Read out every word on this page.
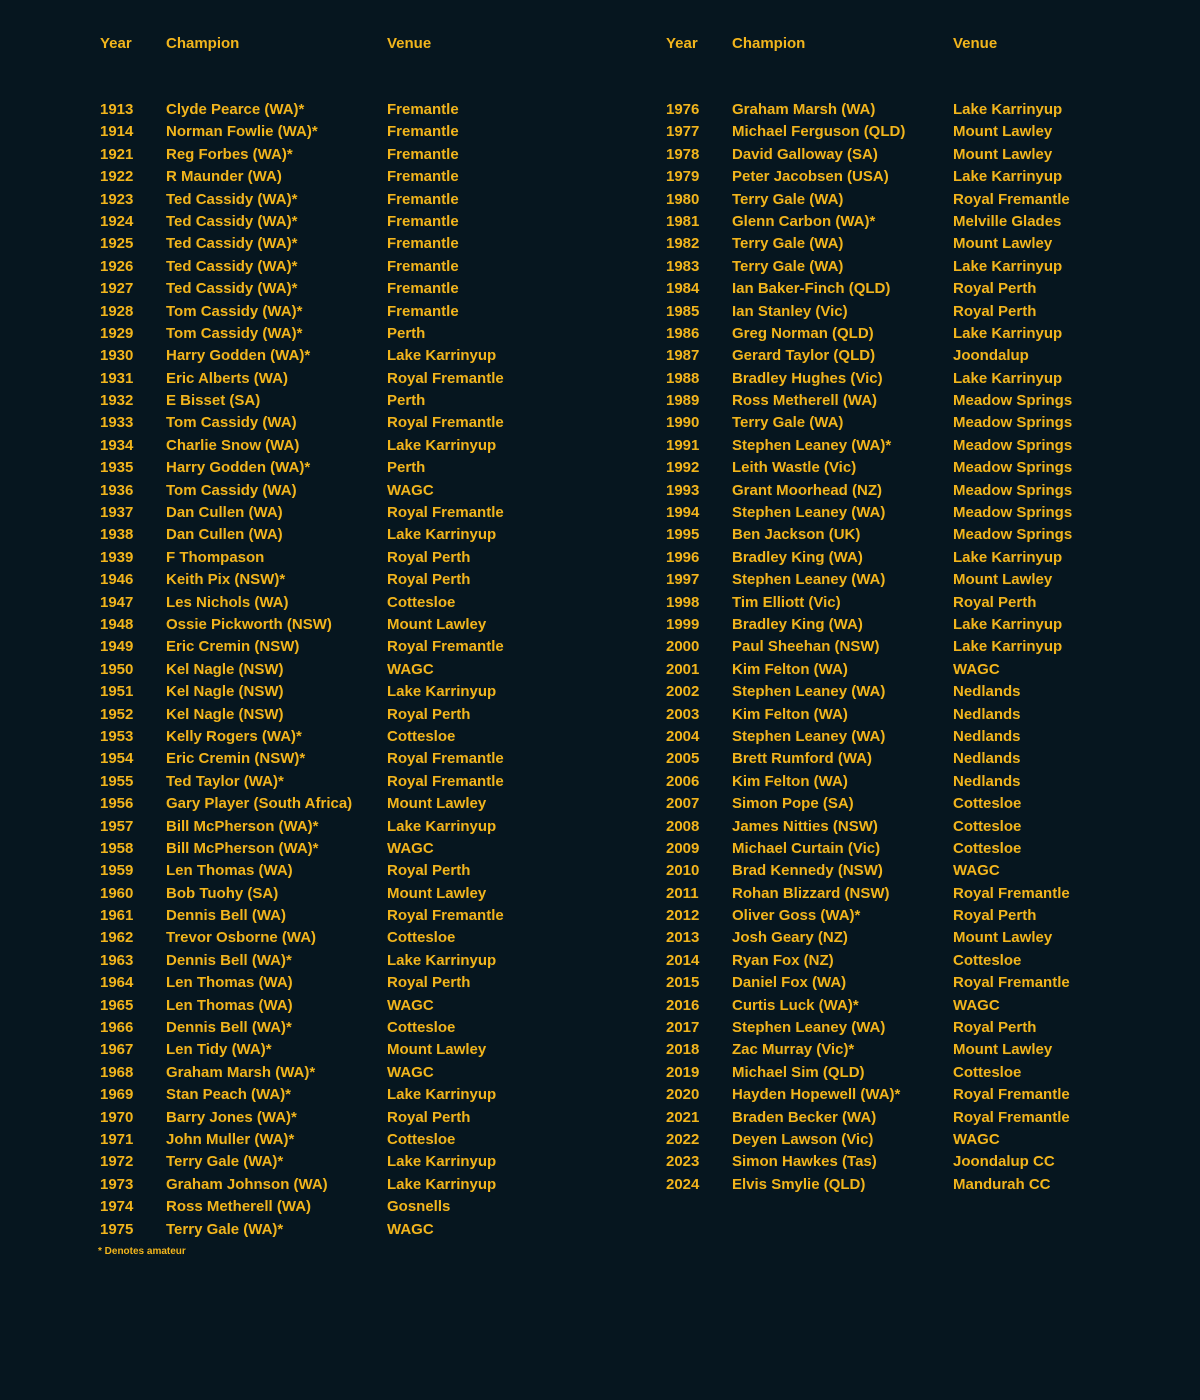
Year Champion	Venue
1913 Clyde Pearce (WA)*	Fremantle
1914 Norman Fowlie (WA)*	Fremantle
1921 Reg Forbes (WA)*	Fremantle
1922 R Maunder (WA)	Fremantle
1923 Ted Cassidy (WA)*	Fremantle
1924 Ted Cassidy (WA)*	Fremantle
1925 Ted Cassidy (WA)*	Fremantle
1926 Ted Cassidy (WA)*	Fremantle
1927 Ted Cassidy (WA)*	Fremantle
1928 Tom Cassidy (WA)*	Fremantle
1929 Tom Cassidy (WA)*	Perth
1930 Harry Godden (WA)*	Lake Karrinyup
1931 Eric Alberts (WA)	Royal Fremantle
1932 E Bisset (SA)	Perth
1933 Tom Cassidy (WA)	Royal Fremantle
1934 Charlie Snow (WA)	Lake Karrinyup
1935 Harry Godden (WA)*	Perth
1936 Tom Cassidy (WA)	WAGC
1937 Dan Cullen (WA)	Royal Fremantle
1938 Dan Cullen (WA)	Lake Karrinyup
1939 F Thompason	Royal Perth
1946 Keith Pix (NSW)*	Royal Perth
1947 Les Nichols (WA)	Cottesloe
1948 Ossie Pickworth (NSW)	Mount Lawley
1949 Eric Cremin (NSW)	Royal Fremantle
1950 Kel Nagle (NSW)	WAGC
1951 Kel Nagle (NSW)	Lake Karrinyup
1952 Kel Nagle (NSW)	Royal Perth
1953 Kelly Rogers (WA)*	Cottesloe
1954 Eric Cremin (NSW)*	Royal Fremantle
1955 Ted Taylor (WA)*	Royal Fremantle
1956 Gary Player (South Africa) Mount Lawley
1957 Bill McPherson (WA)*	Lake Karrinyup
1958 Bill McPherson (WA)*	WAGC
1959 Len Thomas (WA)	Royal Perth
1960 Bob Tuohy (SA)	Mount Lawley
1961 Dennis Bell (WA)	Royal Fremantle
1962 Trevor Osborne (WA)	Cottesloe
1963 Dennis Bell (WA)*	Lake Karrinyup
1964 Len Thomas (WA)	Royal Perth
1965 Len Thomas (WA)	WAGC
1966 Dennis Bell (WA)*	Cottesloe
1967 Len Tidy (WA)*	Mount Lawley
1968 Graham Marsh (WA)*	WAGC
1969 Stan Peach (WA)*	Lake Karrinyup
1970 Barry Jones (WA)*	Royal Perth
1971 John Muller (WA)*	Cottesloe
1972 Terry Gale (WA)*	Lake Karrinyup
1973 Graham Johnson (WA)	Lake Karrinyup
1974 Ross Metherell (WA)	Gosnells
1975 Terry Gale (WA)*	WAGC
Year Champion	Venue
1976 Graham Marsh (WA)	Lake Karrinyup
1977 Michael Ferguson (QLD)	Mount Lawley
1978 David Galloway (SA)	Mount Lawley
1979 Peter Jacobsen (USA)	Lake Karrinyup
1980 Terry Gale (WA)	Royal Fremantle
1981 Glenn Carbon (WA)*	Melville Glades
1982 Terry Gale (WA)	Mount Lawley
1983 Terry Gale (WA)	Lake Karrinyup
1984 Ian Baker-Finch (QLD)	Royal Perth
1985 Ian Stanley (Vic)	Royal Perth
1986 Greg Norman (QLD)	Lake Karrinyup
1987 Gerard Taylor (QLD)	Joondalup
1988 Bradley Hughes (Vic)	Lake Karrinyup
1989 Ross Metherell (WA)	Meadow Springs
1990 Terry Gale (WA)	Meadow Springs
1991 Stephen Leaney (WA)*	Meadow Springs
1992 Leith Wastle (Vic)	Meadow Springs
1993 Grant Moorhead (NZ)	Meadow Springs
1994 Stephen Leaney (WA)	Meadow Springs
1995 Ben Jackson (UK)	Meadow Springs
1996 Bradley King (WA)	Lake Karrinyup
1997 Stephen Leaney (WA)	Mount Lawley
1998 Tim Elliott (Vic)	Royal Perth
1999 Bradley King (WA)	Lake Karrinyup
2000 Paul Sheehan (NSW)	Lake Karrinyup
2001 Kim Felton (WA)	WAGC
2002 Stephen Leaney (WA)	Nedlands
2003 Kim Felton (WA)	Nedlands
2004 Stephen Leaney (WA)	Nedlands
2005 Brett Rumford (WA)	Nedlands
2006 Kim Felton (WA)	Nedlands
2007 Simon Pope (SA)	Cottesloe
2008 James Nitties (NSW)	Cottesloe
2009 Michael Curtain (Vic)	Cottesloe
2010 Brad Kennedy (NSW)	WAGC
2011 Rohan Blizzard (NSW)	Royal Fremantle
2012 Oliver Goss (WA)*	Royal Perth
2013 Josh Geary (NZ)	Mount Lawley
2014 Ryan Fox (NZ)	Cottesloe
2015 Daniel Fox (WA)	Royal Fremantle
2016 Curtis Luck (WA)*	WAGC
2017 Stephen Leaney (WA)	Royal Perth
2018 Zac Murray (Vic)*	Mount Lawley
2019 Michael Sim (QLD)	Cottesloe
2020 Hayden Hopewell (WA)*	Royal Fremantle
2021 Braden Becker (WA)	Royal Fremantle
2022 Deyen Lawson (Vic)	WAGC
2023 Simon Hawkes (Tas)	Joondalup CC
2024 Elvis Smylie (QLD)	Mandurah CC
* Denotes amateur
